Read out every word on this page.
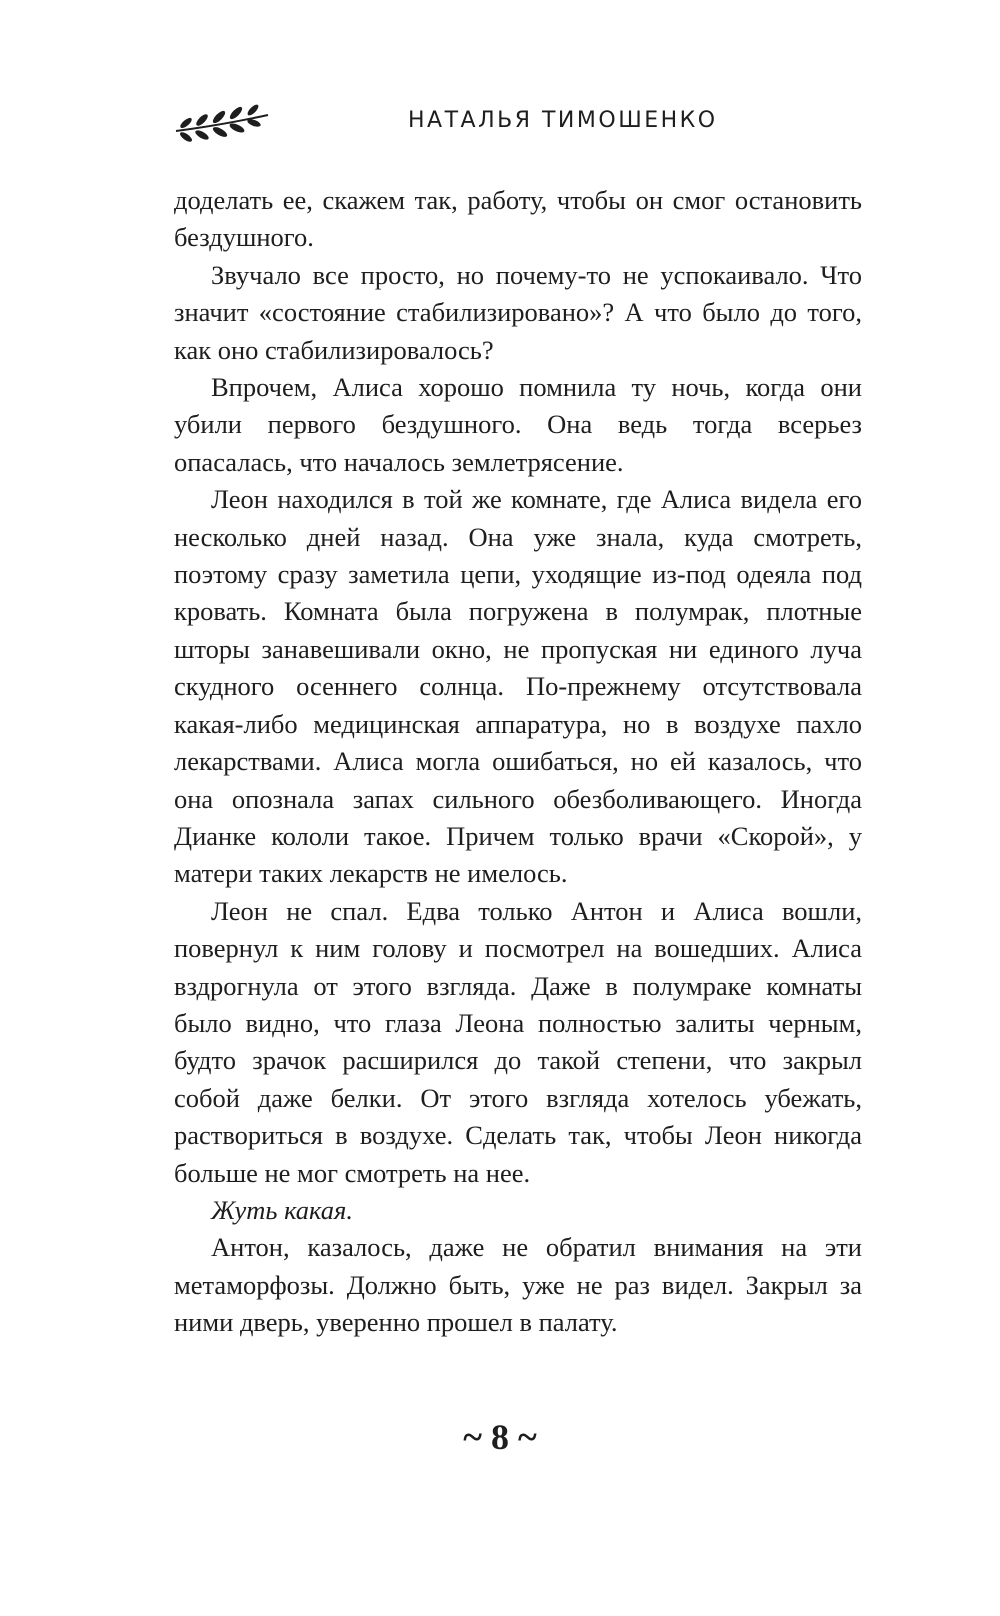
НАТАЛЬЯ ТИМОШЕНКО

доделать ее, скажем так, работу, чтобы он смог остановить бездушного.

Звучало все просто, но почему-то не успокаивало. Что значит «состояние стабилизировано»? А что было до того, как оно стабилизировалось?

Впрочем, Алиса хорошо помнила ту ночь, когда они убили первого бездушного. Она ведь тогда всерьез опасалась, что началось землетрясение.

Леон находился в той же комнате, где Алиса видела его несколько дней назад. Она уже знала, куда смотреть, поэтому сразу заметила цепи, уходящие из-под одеяла под кровать. Комната была погружена в полумрак, плотные шторы занавешивали окно, не пропуская ни единого луча скудного осеннего солнца. По-прежнему отсутствовала какая-либо медицинская аппаратура, но в воздухе пахло лекарствами. Алиса могла ошибаться, но ей казалось, что она опознала запах сильного обезболивающего. Иногда Дианке кололи такое. Причем только врачи «Скорой», у матери таких лекарств не имелось.

Леон не спал. Едва только Антон и Алиса вошли, повернул к ним голову и посмотрел на вошедших. Алиса вздрогнула от этого взгляда. Даже в полумраке комнаты было видно, что глаза Леона полностью залиты черным, будто зрачок расширился до такой степени, что закрыл собой даже белки. От этого взгляда хотелось убежать, раствориться в воздухе. Сделать так, чтобы Леон никогда больше не мог смотреть на нее.

Жуть какая.

Антон, казалось, даже не обратил внимания на эти метаморфозы. Должно быть, уже не раз видел. Закрыл за ними дверь, уверенно прошел в палату.

~ 8 ~
